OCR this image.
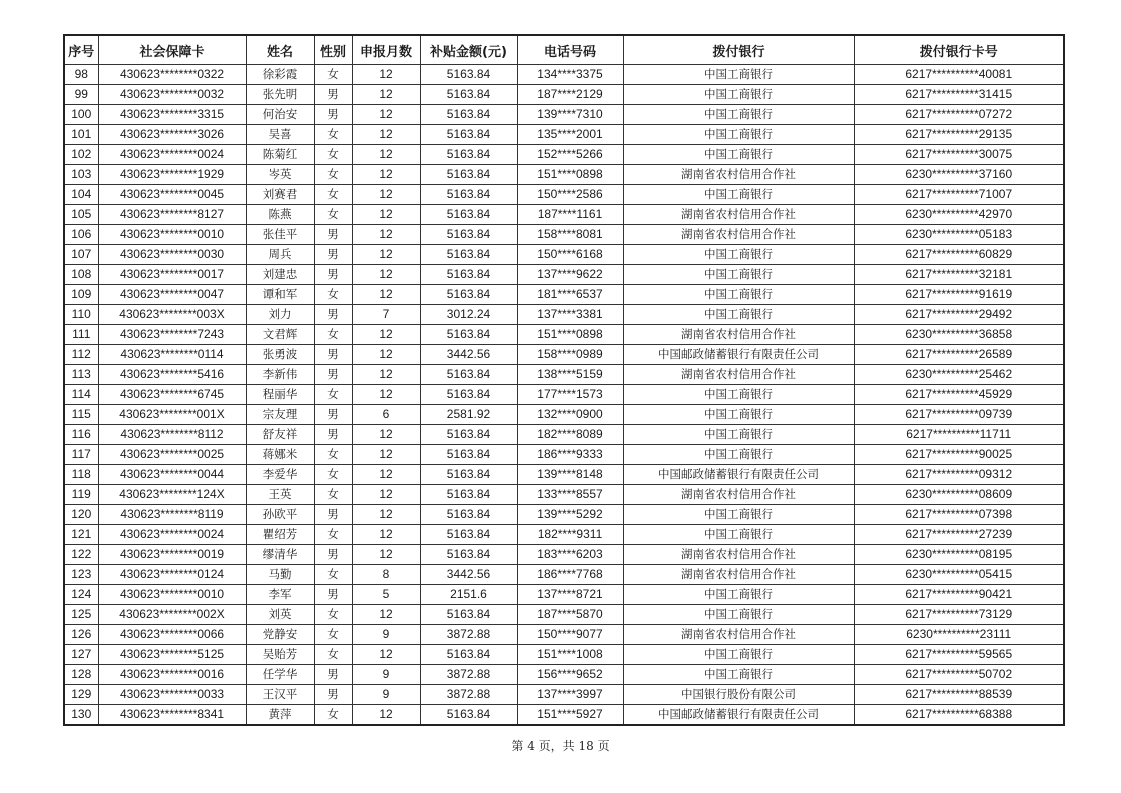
序号	社会保障卡	姓名	性别	申报月数	补贴金额(元)	电话号码	拨付银行	拨付银行卡号
98	430623********0322	徐彩霞	女	12	5163.84	134****3375	中国工商银行	6217**********40081
99	430623********0032	张先明	男	12	5163.84	187****2129	中国工商银行	6217**********31415
100	430623********3315	何治安	男	12	5163.84	139****7310	中国工商银行	6217**********07272
101	430623********3026	吴喜	女	12	5163.84	135****2001	中国工商银行	6217**********29135
102	430623********0024	陈菊红	女	12	5163.84	152****5266	中国工商银行	6217**********30075
103	430623********1929	岑英	女	12	5163.84	151****0898	湖南省农村信用合作社	6230**********37160
104	430623********0045	刘赛君	女	12	5163.84	150****2586	中国工商银行	6217**********71007
105	430623********8127	陈燕	女	12	5163.84	187****1161	湖南省农村信用合作社	6230**********42970
106	430623********0010	张佳平	男	12	5163.84	158****8081	湖南省农村信用合作社	6230**********05183
107	430623********0030	周兵	男	12	5163.84	150****6168	中国工商银行	6217**********60829
108	430623********0017	刘建忠	男	12	5163.84	137****9622	中国工商银行	6217**********32181
109	430623********0047	谭和军	女	12	5163.84	181****6537	中国工商银行	6217**********91619
110	430623********003X	刘力	男	7	3012.24	137****3381	中国工商银行	6217**********29492
111	430623********7243	文君辉	女	12	5163.84	151****0898	湖南省农村信用合作社	6230**********36858
112	430623********0114	张勇波	男	12	3442.56	158****0989	中国邮政储蓄银行有限责任公司	6217**********26589
113	430623********5416	李新伟	男	12	5163.84	138****5159	湖南省农村信用合作社	6230**********25462
114	430623********6745	程丽华	女	12	5163.84	177****1573	中国工商银行	6217**********45929
115	430623********001X	宗友理	男	6	2581.92	132****0900	中国工商银行	6217**********09739
116	430623********8112	舒友祥	男	12	5163.84	182****8089	中国工商银行	6217**********11711
117	430623********0025	蒋娜米	女	12	5163.84	186****9333	中国工商银行	6217**********90025
118	430623********0044	李爱华	女	12	5163.84	139****8148	中国邮政储蓄银行有限责任公司	6217**********09312
119	430623********124X	王英	女	12	5163.84	133****8557	湖南省农村信用合作社	6230**********08609
120	430623********8119	孙欧平	男	12	5163.84	139****5292	中国工商银行	6217**********07398
121	430623********0024	瞿绍芳	女	12	5163.84	182****9311	中国工商银行	6217**********27239
122	430623********0019	缪清华	男	12	5163.84	183****6203	湖南省农村信用合作社	6230**********08195
123	430623********0124	马勤	女	8	3442.56	186****7768	湖南省农村信用合作社	6230**********05415
124	430623********0010	李军	男	5	2151.6	137****8721	中国工商银行	6217**********90421
125	430623********002X	刘英	女	12	5163.84	187****5870	中国工商银行	6217**********73129
126	430623********0066	党静安	女	9	3872.88	150****9077	湖南省农村信用合作社	6230**********23111
127	430623********5125	吴贻芳	女	12	5163.84	151****1008	中国工商银行	6217**********59565
128	430623********0016	任学华	男	9	3872.88	156****9652	中国工商银行	6217**********50702
129	430623********0033	王汉平	男	9	3872.88	137****3997	中国银行股份有限公司	6217**********88539
130	430623********8341	黄萍	女	12	5163.84	151****5927	中国邮政储蓄银行有限责任公司	6217**********68388
第 4 页，共 18 页
